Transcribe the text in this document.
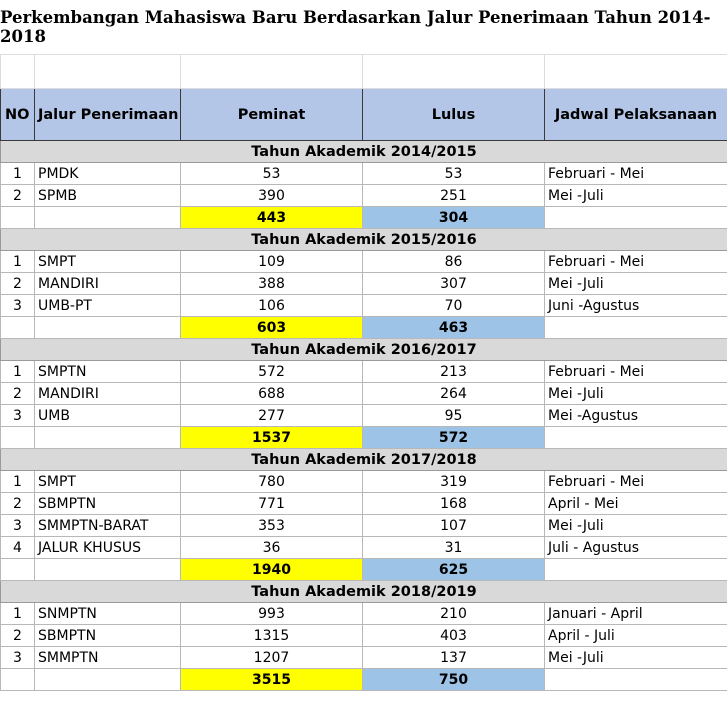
Perkembangan Mahasiswa Baru Berdasarkan Jalur Penerimaan Tahun 2014-2018

NO	Jalur Penerimaan	Peminat	Lulus	Jadwal Pelaksanaan
Tahun Akademik 2014/2015				
1	PMDK	53	53	Februari - Mei
2	SPMB	390	251	Mei -Juli
		443	304	
Tahun Akademik 2015/2016				
1	SMPT	109	86	Februari - Mei
2	MANDIRI	388	307	Mei -Juli
3	UMB-PT	106	70	Juni -Agustus
		603	463	
Tahun Akademik 2016/2017				
1	SMPTN	572	213	Februari - Mei
2	MANDIRI	688	264	Mei -Juli
3	UMB	277	95	Mei -Agustus
		1537	572	
Tahun Akademik 2017/2018				
1	SMPT	780	319	Februari - Mei
2	SBMPTN	771	168	April - Mei
3	SMMPTN-BARAT	353	107	Mei -Juli
4	JALUR KHUSUS	36	31	Juli - Agustus
		1940	625	
Tahun Akademik 2018/2019				
1	SNMPTN	993	210	Januari - April
2	SBMPTN	1315	403	April - Juli
3	SMMPTN	1207	137	Mei -Juli
		3515	750	
